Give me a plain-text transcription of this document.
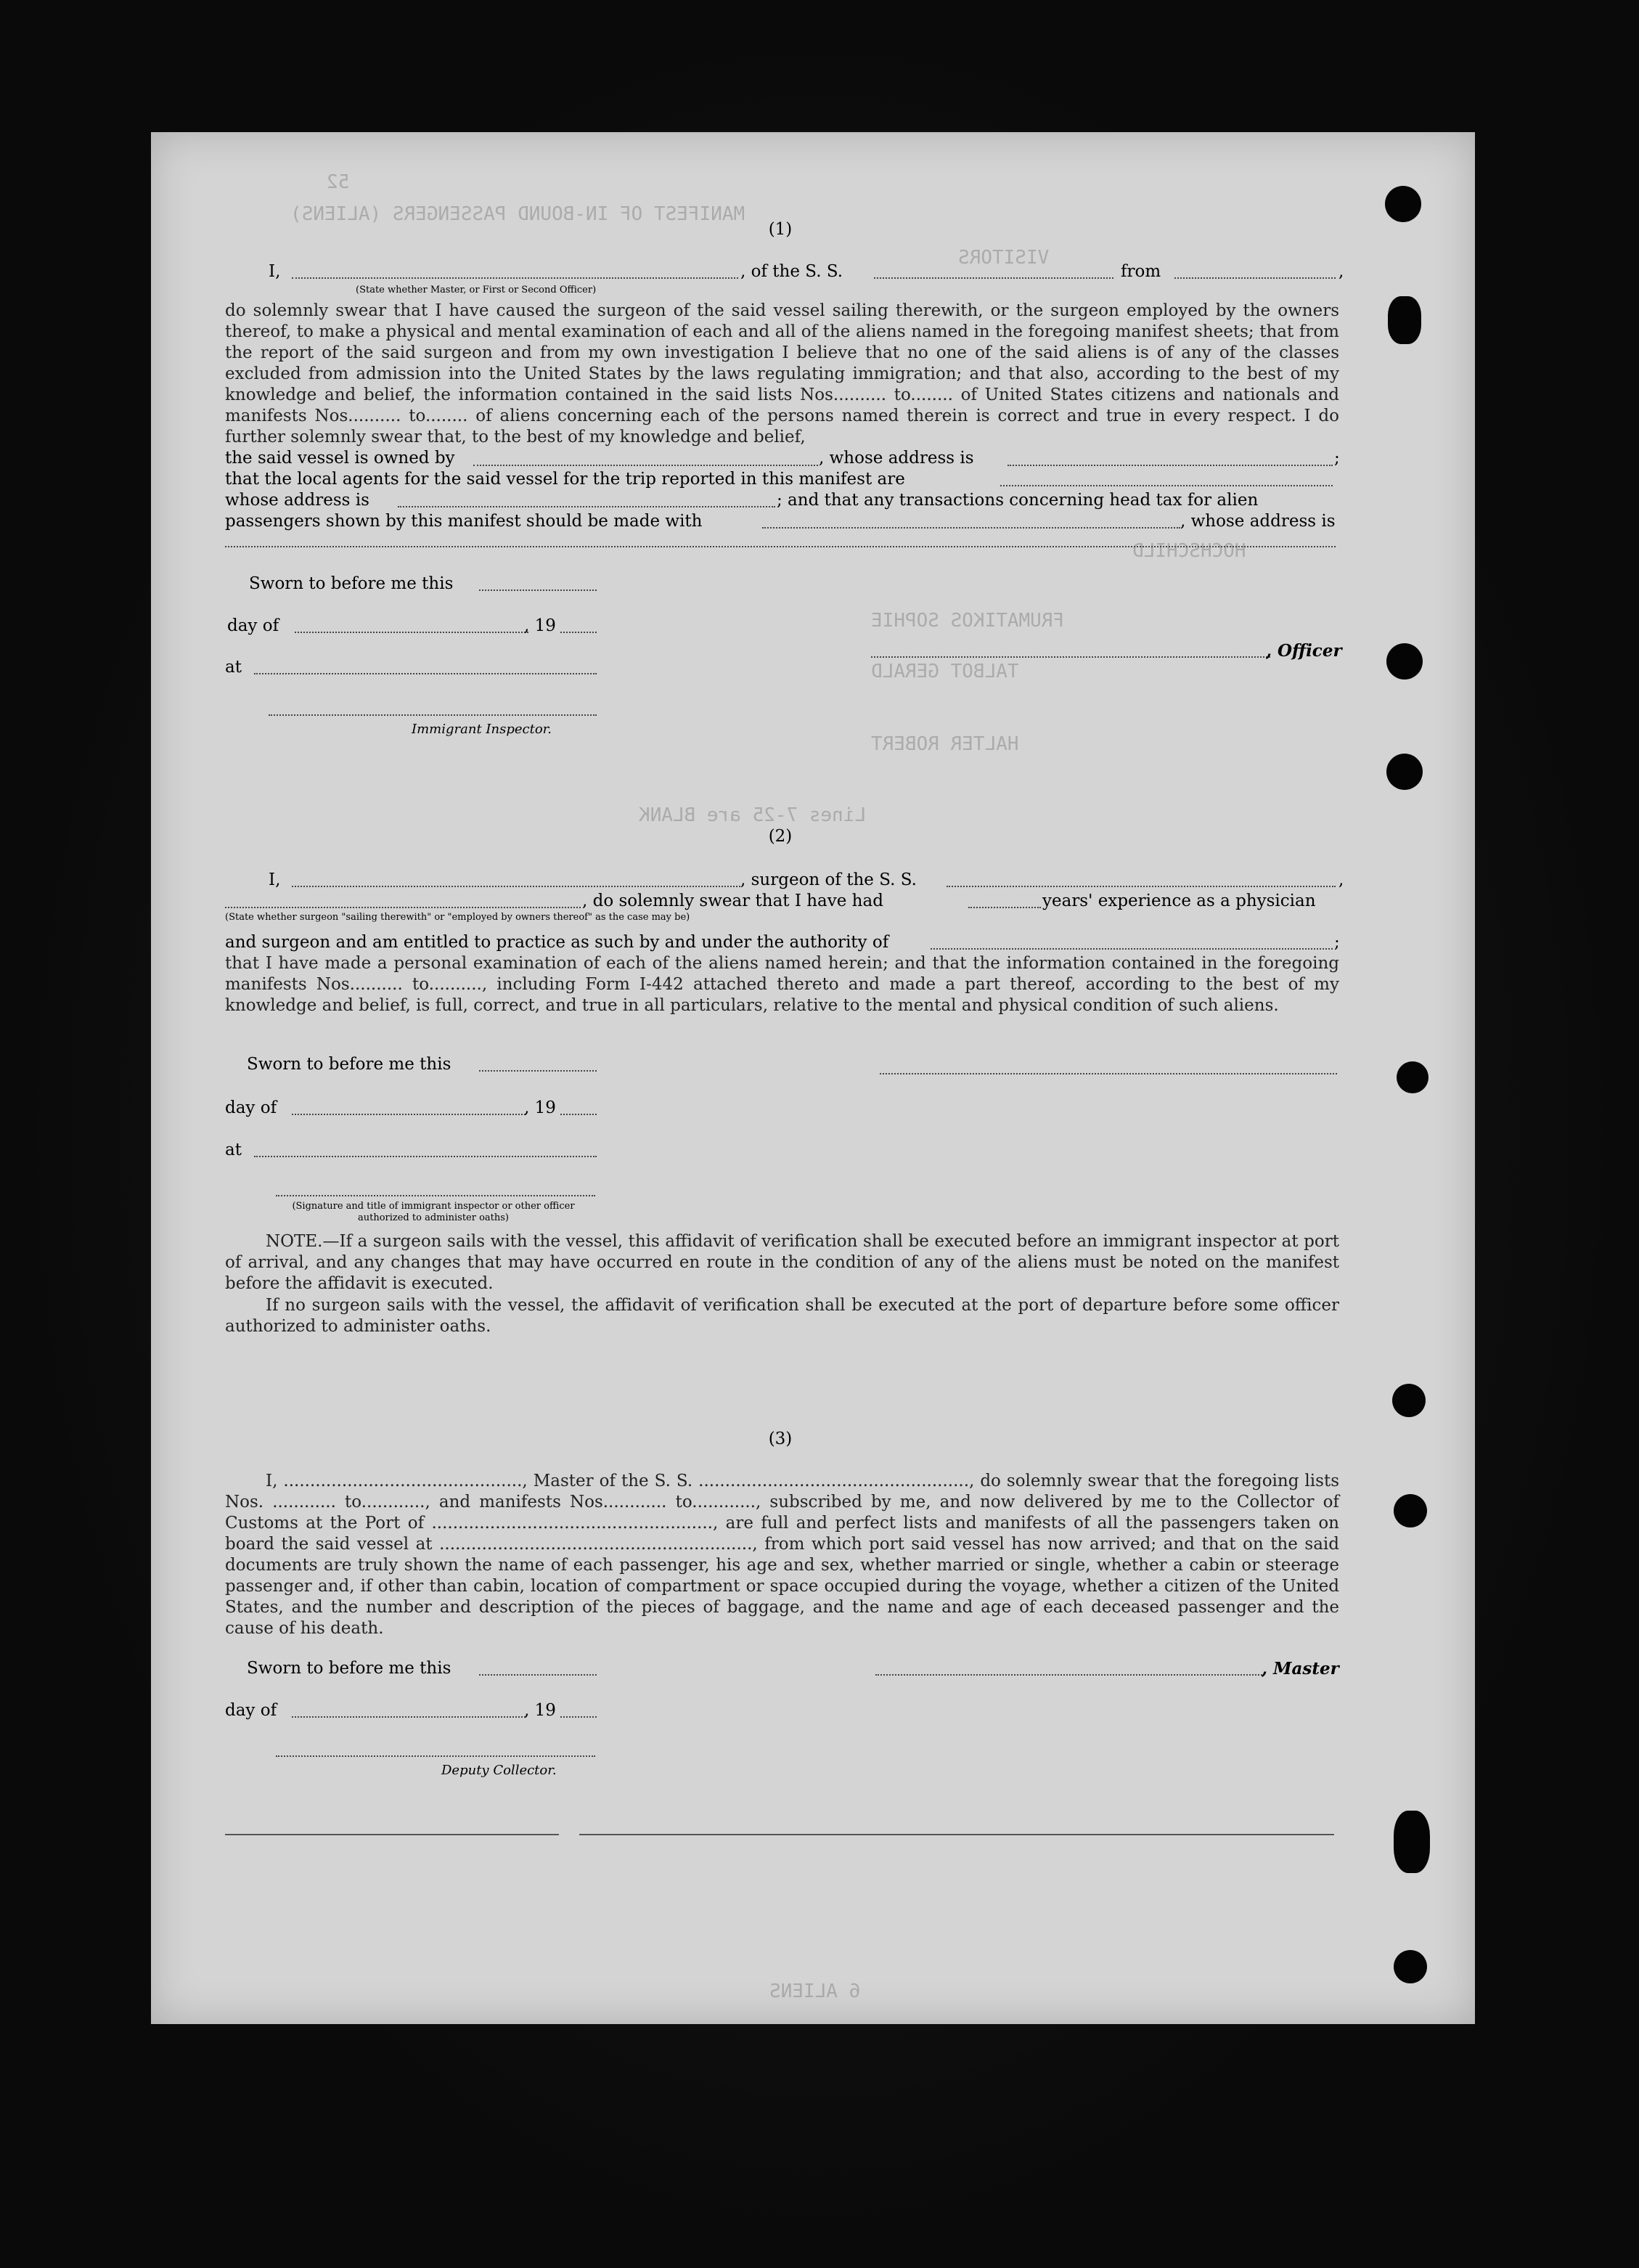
52
MANIFEST OF IN-BOUND PASSENGERS (ALIENS)
VISITORS
HOCHSCHILD
FRUMATIKOS SOPHIE
TALBOT GERALD
HALTER ROBERT
Lines 7-25 are BLANK
6 ALIENS
(1)
I,	, of the S. S.	from	,
(State whether Master, or First or Second Officer)
do solemnly swear that I have caused the surgeon of the said vessel sailing therewith, or the surgeon employed by the owners thereof, to make a physical and mental examination of each and all of the aliens named in the foregoing manifest sheets; that from the report of the said surgeon and from my own investigation I believe that no one of the said aliens is of any of the classes excluded from admission into the United States by the laws regulating immigration; and that also, according to the best of my knowledge and belief, the information contained in the said lists Nos.......... to........ of United States citizens and nationals and manifests Nos.......... to........ of aliens concerning each of the persons named therein is correct and true in every respect. I do further solemnly swear that, to the best of my knowledge and belief,
the said vessel is owned by	, whose address is	;
that the local agents for the said vessel for the trip reported in this manifest are
whose address is	; and that any transactions concerning head tax for alien
passengers shown by this manifest should be made with	, whose address is
Sworn to before me this
day of	, 19
at
Immigrant Inspector.
, Officer
(2)
I,	, surgeon of the S. S.	,
, do solemnly swear that I have had	years' experience as a physician
(State whether surgeon "sailing therewith" or "employed by owners thereof" as the case may be)
and surgeon and am entitled to practice as such by and under the authority of	;
that I have made a personal examination of each of the aliens named herein; and that the information contained in the foregoing manifests Nos.......... to.........., including Form I-442 attached thereto and made a part thereof, according to the best of my knowledge and belief, is full, correct, and true in all particulars, relative to the mental and physical condition of such aliens.
Sworn to before me this
day of	, 19
at
(Signature and title of immigrant inspector or other officer authorized to administer oaths)
NOTE.—If a surgeon sails with the vessel, this affidavit of verification shall be executed before an immigrant inspector at port of arrival, and any changes that may have occurred en route in the condition of any of the aliens must be noted on the manifest before the affidavit is executed.
If no surgeon sails with the vessel, the affidavit of verification shall be executed at the port of departure before some officer authorized to administer oaths.
(3)
I, ............................................., Master of the S. S. ..................................................., do solemnly swear that the foregoing lists Nos. ............ to............, and manifests Nos............ to............, subscribed by me, and now delivered by me to the Collector of Customs at the Port of ....................................................., are full and perfect lists and manifests of all the passengers taken on board the said vessel at ..........................................................., from which port said vessel has now arrived; and that on the said documents are truly shown the name of each passenger, his age and sex, whether married or single, whether a cabin or steerage passenger and, if other than cabin, location of compartment or space occupied during the voyage, whether a citizen of the United States, and the number and description of the pieces of baggage, and the name and age of each deceased passenger and the cause of his death.
Sworn to before me this	, Master
day of	, 19
Deputy Collector.
